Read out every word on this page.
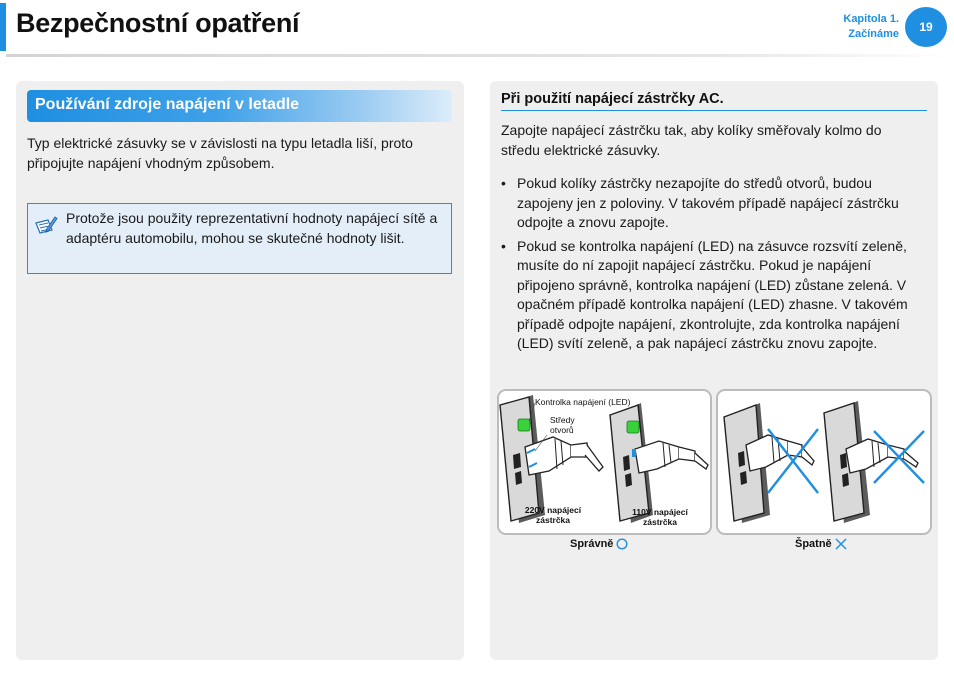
Bezpečnostní opatření	Kapitola 1.
Začínáme	19
Používání zdroje napájení v letadle
Typ elektrické zásuvky se v závislosti na typu letadla liší, proto připojujte napájení vhodným způsobem.
Protože jsou použity reprezentativní hodnoty napájecí sítě a adaptéru automobilu, mohou se skutečné hodnoty lišit.
Při použití napájecí zástrčky AC.
Zapojte napájecí zástrčku tak, aby kolíky směřovaly kolmo do středu elektrické zásuvky.
• Pokud kolíky zástrčky nezapojíte do středů otvorů, budou zapojeny jen z poloviny. V takovém případě napájecí zástrčku odpojte a znovu zapojte.
• Pokud se kontrolka napájení (LED) na zásuvce rozsvítí zeleně, musíte do ní zapojit napájecí zástrčku. Pokud je napájení připojeno správně, kontrolka napájení (LED) zůstane zelená. V opačném případě kontrolka napájení (LED) zhasne. V takovém případě odpojte napájení, zkontrolujte, zda kontrolka napájení (LED) svítí zeleně, a pak napájecí zástrčku znovu zapojte.
Kontrolka napájení (LED)
Středy
otvorů
220V napájecí
zástrčka
110V napájecí
zástrčka
Správně	Špatně
